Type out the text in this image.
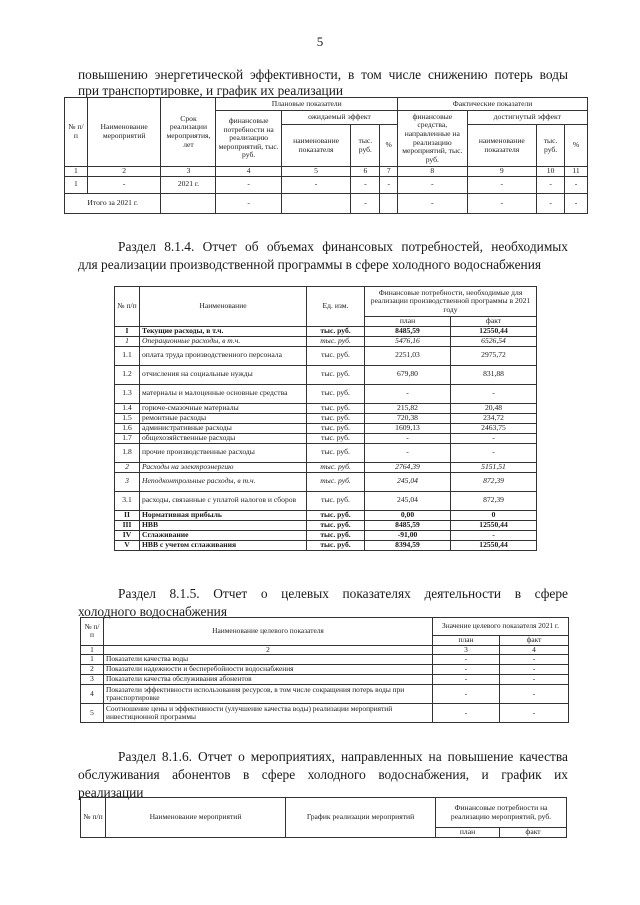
5
повышению энергетической эффективности, в том числе снижению потерь воды
при транспортировке, и график их реализации
№ п/п	Наименование мероприятий	Срок реализации мероприятия, лет	Плановые показатели				Фактические показатели			
			финансовые потребности на реализацию мероприятий, тыс. руб.	ожидаемый эффект			финансовые средства, направленные на реализацию мероприятий, тыс. руб.	достигнутый эффект		
				наименование показателя	тыс. руб.	%		наименование показателя	тыс. руб.	%
1	2	3	4	5	6	7	8	9	10	11
1	-	2021 г.	-	-	-	-	-	-	-	-
Итого за 2021 г.			-		-		-	-	-	-
Раздел 8.1.4. Отчет об объемах финансовых потребностей, необходимых
для реализации производственной программы в сфере холодного водоснабжения
№ п/п	Наименование	Ед. изм.	Финансовые потребности, необходимые для реализации производственной программы в 2021 году	
			план	факт
I	Текущие расходы, в т.ч.	тыс. руб.	8485,59	12550,44
1	Операционные расходы, в т.ч.	тыс. руб.	5476,16	6526,54
1.1	оплата труда производственного персонала	тыс. руб.	2251,03	2975,72
1.2	отчисления на социальные нужды	тыс. руб.	679,80	831,88
1.3	материалы и малоценные основные средства	тыс. руб.	-	-
1.4	горюче-смазочные материалы	тыс. руб.	215,82	20,48
1.5	ремонтные расходы	тыс. руб.	720,38	234,72
1.6	административные расходы	тыс. руб.	1609,13	2463,75
1.7	общехозяйственные расходы	тыс. руб.	-	-
1.8	прочие производственные расходы	тыс. руб.	-	-
2	Расходы на электроэнергию	тыс. руб.	2764,39	5151,51
3	Неподконтрольные расходы, в т.ч.	тыс. руб.	245,04	872,39
3.1	расходы, связанные с уплатой налогов и сборов	тыс. руб.	245,04	872,39
II	Нормативная прибыль	тыс. руб.	0,00	0
III	НВВ	тыс. руб.	8485,59	12550,44
IV	Сглаживание	тыс. руб.	-91,00	-
V	НВВ с учетом сглаживания	тыс. руб.	8394,59	12550,44
Раздел 8.1.5. Отчет о целевых показателях деятельности в сфере
холодного водоснабжения
№ п/п	Наименование целевого показателя	Значение целевого показателя 2021 г.	
		план	факт
1	2	3	4
1	Показатели качества воды	-	-
2	Показатели надежности и бесперебойности водоснабжения	-	-
3	Показатели качества обслуживания абонентов	-	-
4	Показатели эффективности использования ресурсов, в том числе сокращения потерь воды при транспортировке	-	-
5	Соотношение цены и эффективности (улучшение качества воды) реализации мероприятий инвестиционной программы	-	-
Раздел 8.1.6. Отчет о мероприятиях, направленных на повышение качества
обслуживания абонентов в сфере холодного водоснабжения, и график их
реализации
№ п/п	Наименование мероприятий	График реализации мероприятий	Финансовые потребности на реализацию мероприятий, руб.	
			план	факт
